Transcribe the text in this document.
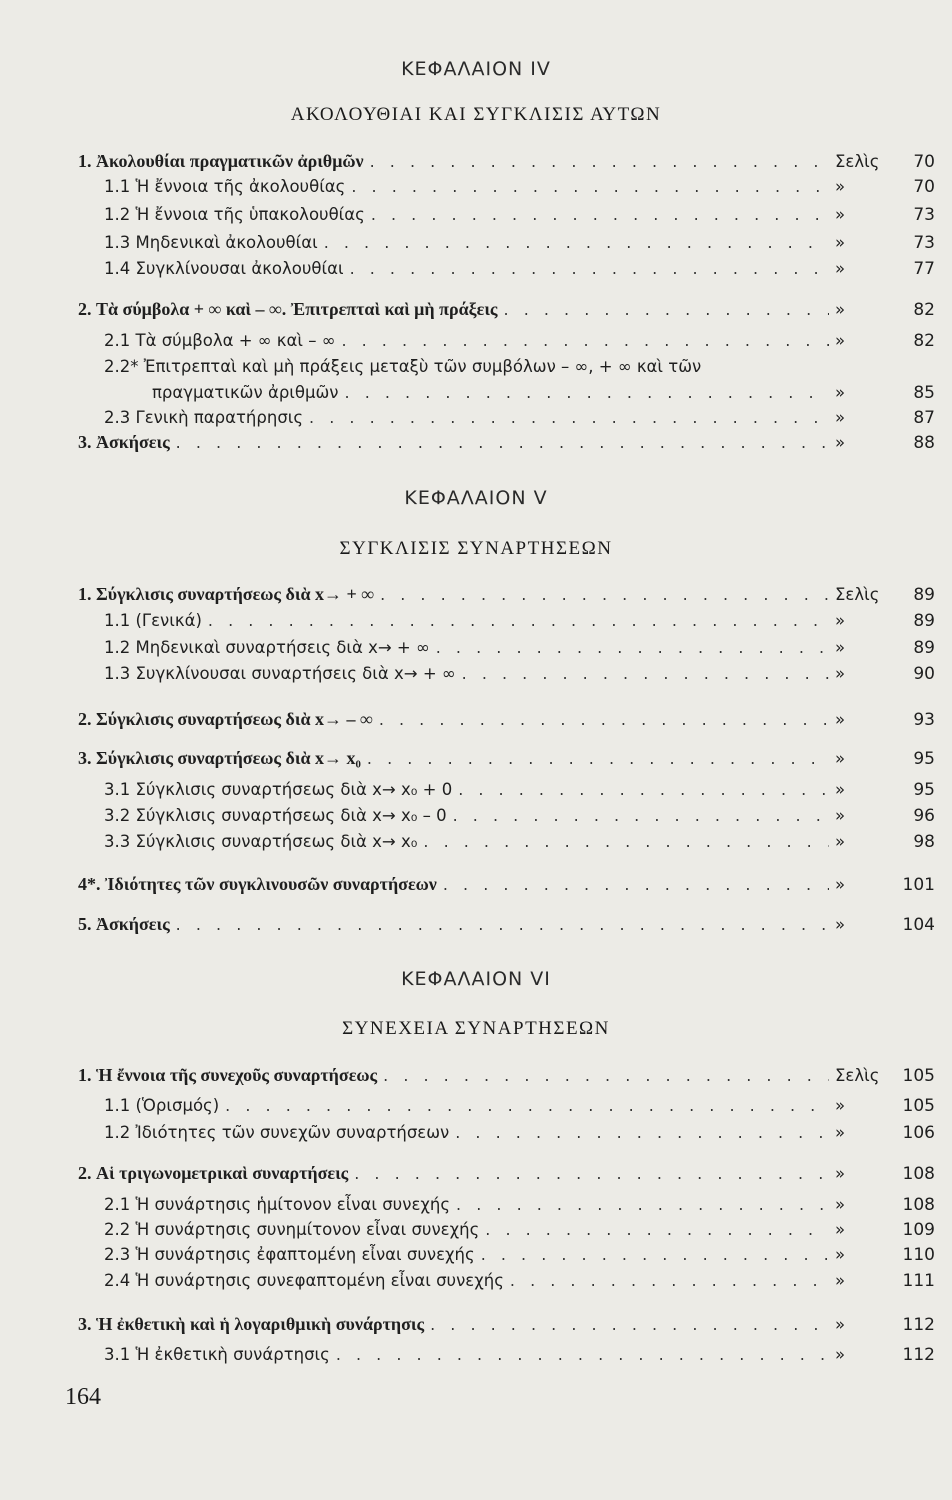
ΚΕΦΑΛΑΙΟΝ IV
ΑΚΟΛΟΥΘΙΑΙ ΚΑΙ ΣΥΓΚΛΙΣΙΣ ΑΥΤΩΝ
1. Ἀκολουθίαι πραγματικῶν ἀριθμῶν . . .	Σελὶς	70
1.1 Ἡ ἔννοια τῆς ἀκολουθίας . . .	»	70
1.2 Ἡ ἔννοια τῆς ὑπακολουθίας . . .	»	73
1.3 Μηδενικαὶ ἀκολουθίαι . . .	»	73
1.4 Συγκλίνουσαι ἀκολουθίαι . . .	»	77
2. Τὰ σύμβολα + ∞ καὶ – ∞. Ἐπιτρεπταὶ καὶ μὴ πράξεις . . .	»	82
2.1 Τὰ σύμβολα + ∞ καὶ – ∞ . . .	»	82
2.2* Ἐπιτρεπταὶ καὶ μὴ πράξεις μεταξὺ τῶν συμβόλων – ∞, + ∞ καὶ τῶν
πραγματικῶν ἀριθμῶν . . .	»	85
2.3 Γενικὴ παρατήρησις . . .	»	87
3. Ἀσκήσεις . . .	»	88
ΚΕΦΑΛΑΙΟΝ V
ΣΥΓΚΛΙΣΙΣ ΣΥΝΑΡΤΗΣΕΩΝ
1. Σύγκλισις συναρτήσεως διὰ x→ + ∞ . . .	Σελὶς	89
1.1 (Γενικά) . . .	»	89
1.2 Μηδενικαὶ συναρτήσεις διὰ x→ + ∞ . . .	»	89
1.3 Συγκλίνουσαι συναρτήσεις διὰ x→ + ∞ . . .	»	90
2. Σύγκλισις συναρτήσεως διὰ x→ – ∞ . . .	»	93
3. Σύγκλισις συναρτήσεως διὰ x→ x₀ . . .	»	95
3.1 Σύγκλισις συναρτήσεως διὰ x→ x₀ + 0 . . .	»	95
3.2 Σύγκλισις συναρτήσεως διὰ x→ x₀ – 0 . . .	»	96
3.3 Σύγκλισις συναρτήσεως διὰ x→ x₀ . . .	»	98
4*. Ἰδιότητες τῶν συγκλινουσῶν συναρτήσεων . . .	»	101
5. Ἀσκήσεις . . .	»	104
ΚΕΦΑΛΑΙΟΝ VI
ΣΥΝΕΧΕΙΑ ΣΥΝΑΡΤΗΣΕΩΝ
1. Ἡ ἔννοια τῆς συνεχοῦς συναρτήσεως . . .	Σελὶς	105
1.1 (Ὁρισμός) . . .	»	105
1.2 Ἰδιότητες τῶν συνεχῶν συναρτήσεων . . .	»	106
2. Αἱ τριγωνομετρικαὶ συναρτήσεις . . .	»	108
2.1 Ἡ συνάρτησις ἡμίτονον εἶναι συνεχής . . .	»	108
2.2 Ἡ συνάρτησις συνημίτονον εἶναι συνεχής . . .	»	109
2.3 Ἡ συνάρτησις ἐφαπτομένη εἶναι συνεχής . . .	»	110
2.4 Ἡ συνάρτησις συνεφαπτομένη εἶναι συνεχής . . .	»	111
3. Ἡ ἐκθετικὴ καὶ ἡ λογαριθμικὴ συνάρτησις . . .	»	112
3.1 Ἡ ἐκθετικὴ συνάρτησις . . .	»	112
164
